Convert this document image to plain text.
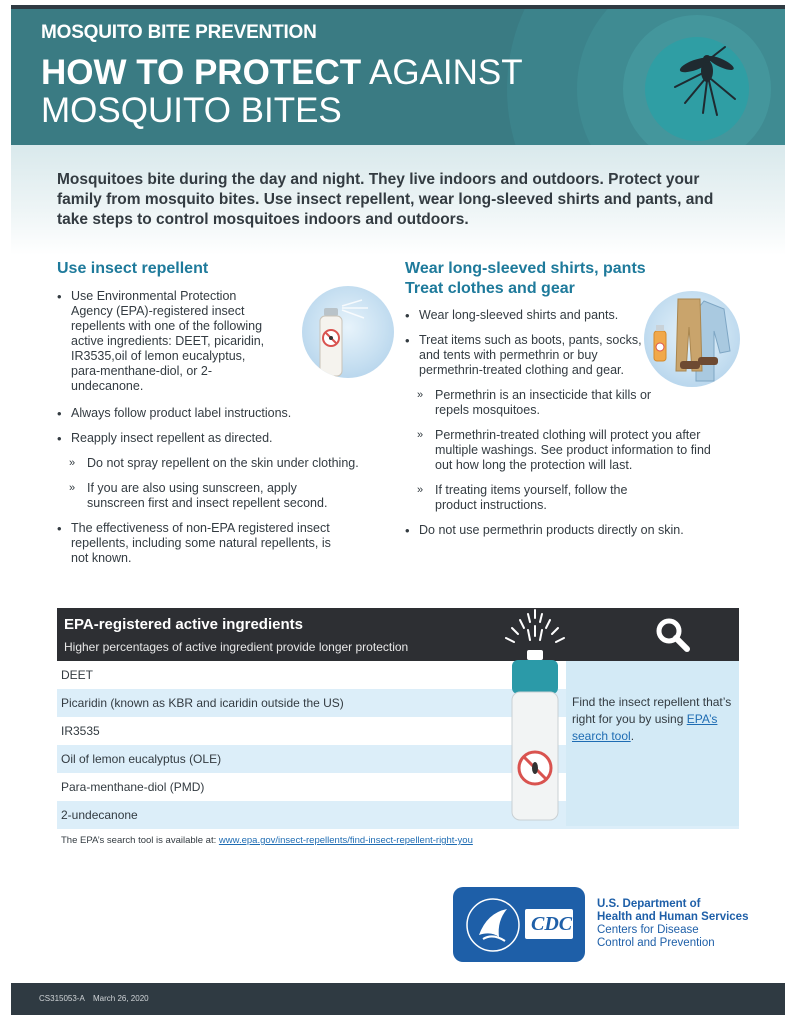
MOSQUITO BITE PREVENTION
HOW TO PROTECT AGAINST
MOSQUITO BITES

Mosquitoes bite during the day and night. They live indoors and outdoors. Protect your family from mosquito bites. Use insect repellent, wear long-sleeved shirts and pants, and take steps to control mosquitoes indoors and outdoors.

Use insect repellent
• Use Environmental Protection Agency (EPA)-registered insect repellents with one of the following active ingredients: DEET, picaridin, IR3535,oil of lemon eucalyptus, para-menthane-diol, or 2-undecanone.
• Always follow product label instructions.
• Reapply insect repellent as directed.
» Do not spray repellent on the skin under clothing.
» If you are also using sunscreen, apply sunscreen first and insect repellent second.
• The effectiveness of non-EPA registered insect repellents, including some natural repellents, is not known.
Wear long-sleeved shirts, pants
Treat clothes and gear
• Wear long-sleeved shirts and pants.
• Treat items such as boots, pants, socks, and tents with permethrin or buy permethrin-treated clothing and gear.
» Permethrin is an insecticide that kills or repels mosquitoes.
» Permethrin-treated clothing will protect you after multiple washings. See product information to find out how long the protection will last.
» If treating items yourself, follow the product instructions.
• Do not use permethrin products directly on skin.
EPA-registered active ingredients
Higher percentages of active ingredient provide longer protection
DEET
Picaridin (known as KBR and icaridin outside the US)
IR3535
Oil of lemon eucalyptus (OLE)
Para-menthane-diol (PMD)
2-undecanone

Find the insect repellent that’s right for you by using EPA’s search tool.

The EPA’s search tool is available at: www.epa.gov/insect-repellents/find-insect-repellent-right-you
CDC
U.S. Department of
Health and Human Services
Centers for Disease
Control and Prevention
CS315053-A March 26, 2020
